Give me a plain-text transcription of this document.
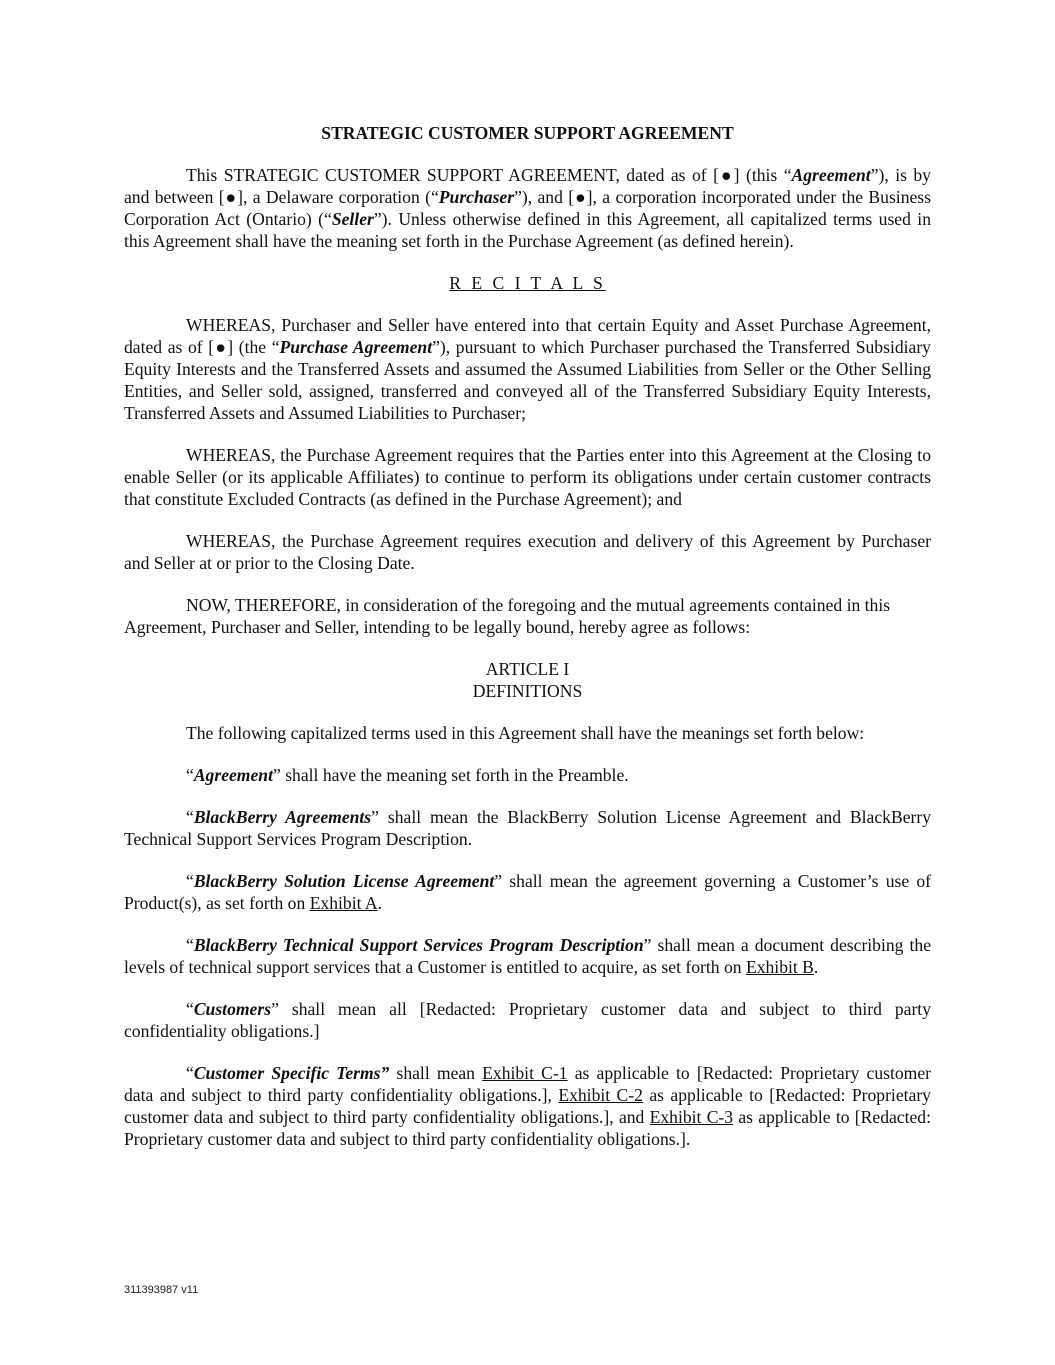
STRATEGIC CUSTOMER SUPPORT AGREEMENT

This STRATEGIC CUSTOMER SUPPORT AGREEMENT, dated as of [●] (this “Agreement”), is by and between [●], a Delaware corporation (“Purchaser”), and [●], a corporation incorporated under the Business Corporation Act (Ontario) (“Seller”). Unless otherwise defined in this Agreement, all capitalized terms used in this Agreement shall have the meaning set forth in the Purchase Agreement (as defined herein).

R E C I T A L S

WHEREAS, Purchaser and Seller have entered into that certain Equity and Asset Purchase Agreement, dated as of [●] (the “Purchase Agreement”), pursuant to which Purchaser purchased the Transferred Subsidiary Equity Interests and the Transferred Assets and assumed the Assumed Liabilities from Seller or the Other Selling Entities, and Seller sold, assigned, transferred and conveyed all of the Transferred Subsidiary Equity Interests, Transferred Assets and Assumed Liabilities to Purchaser;

WHEREAS, the Purchase Agreement requires that the Parties enter into this Agreement at the Closing to enable Seller (or its applicable Affiliates) to continue to perform its obligations under certain customer contracts that constitute Excluded Contracts (as defined in the Purchase Agreement); and

WHEREAS, the Purchase Agreement requires execution and delivery of this Agreement by Purchaser and Seller at or prior to the Closing Date.

NOW, THEREFORE, in consideration of the foregoing and the mutual agreements contained in this Agreement, Purchaser and Seller, intending to be legally bound, hereby agree as follows:

ARTICLE I
DEFINITIONS

The following capitalized terms used in this Agreement shall have the meanings set forth below:

“Agreement” shall have the meaning set forth in the Preamble.

“BlackBerry Agreements” shall mean the BlackBerry Solution License Agreement and BlackBerry Technical Support Services Program Description.

“BlackBerry Solution License Agreement” shall mean the agreement governing a Customer’s use of Product(s), as set forth on Exhibit A.

“BlackBerry Technical Support Services Program Description” shall mean a document describing the levels of technical support services that a Customer is entitled to acquire, as set forth on Exhibit B.

“Customers” shall mean all [Redacted: Proprietary customer data and subject to third party confidentiality obligations.]

“Customer Specific Terms” shall mean Exhibit C-1 as applicable to [Redacted: Proprietary customer data and subject to third party confidentiality obligations.], Exhibit C-2 as applicable to [Redacted: Proprietary customer data and subject to third party confidentiality obligations.], and Exhibit C-3 as applicable to [Redacted: Proprietary customer data and subject to third party confidentiality obligations.].

311393987 v11
